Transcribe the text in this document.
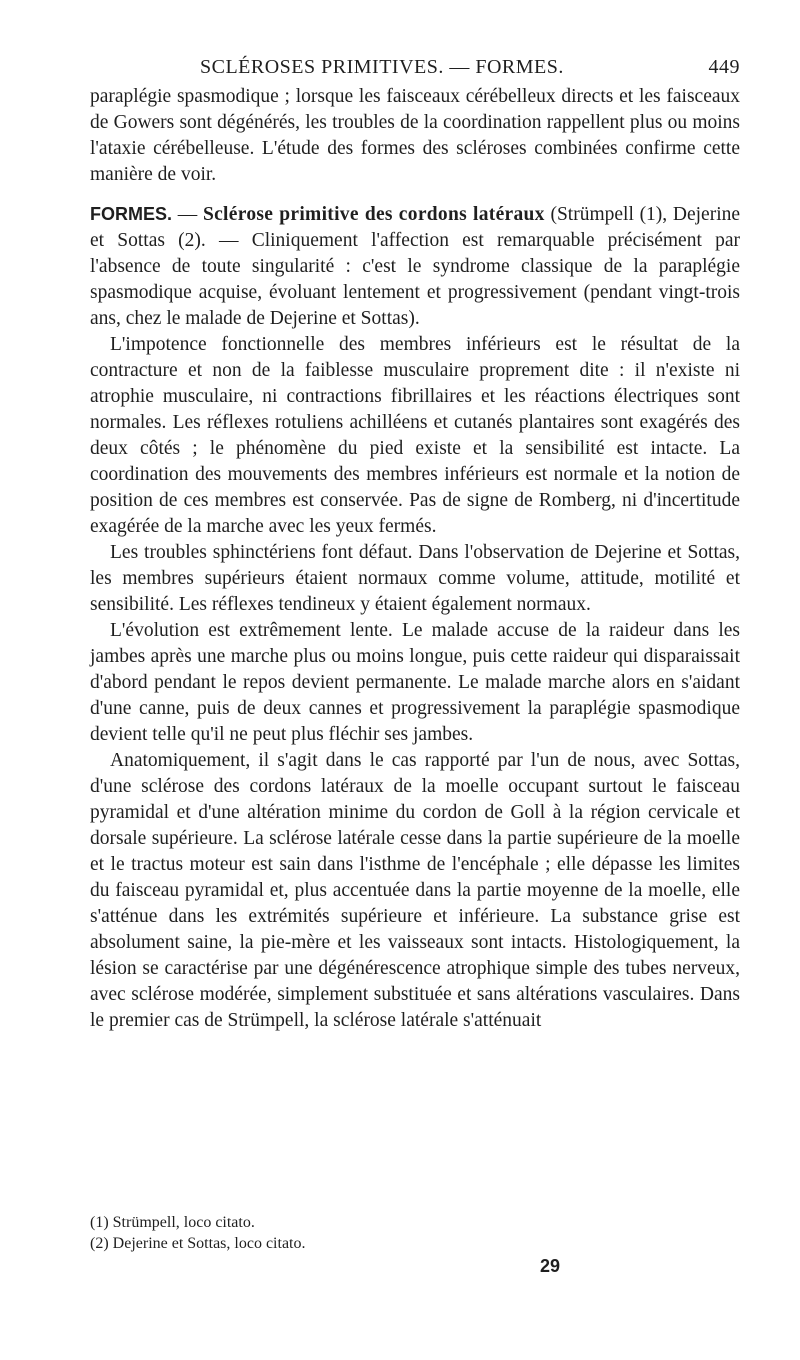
SCLÉROSES PRIMITIVES. — FORMES.	449

paraplégie spasmodique ; lorsque les faisceaux cérébelleux directs et les faisceaux de Gowers sont dégénérés, les troubles de la coordination rappellent plus ou moins l'ataxie cérébelleuse. L'étude des formes des scléroses combinées confirme cette manière de voir.

FORMES. — Sclérose primitive des cordons latéraux (Strümpell (1), Dejerine et Sottas (2). — Cliniquement l'affection est remarquable précisément par l'absence de toute singularité : c'est le syndrome classique de la paraplégie spasmodique acquise, évoluant lentement et progressivement (pendant vingt-trois ans, chez le malade de Dejerine et Sottas).

L'impotence fonctionnelle des membres inférieurs est le résultat de la contracture et non de la faiblesse musculaire proprement dite : il n'existe ni atrophie musculaire, ni contractions fibrillaires et les réactions électriques sont normales. Les réflexes rotuliens achilléens et cutanés plantaires sont exagérés des deux côtés ; le phénomène du pied existe et la sensibilité est intacte. La coordination des mouvements des membres inférieurs est normale et la notion de position de ces membres est conservée. Pas de signe de Romberg, ni d'incertitude exagérée de la marche avec les yeux fermés.

Les troubles sphinctériens font défaut. Dans l'observation de Dejerine et Sottas, les membres supérieurs étaient normaux comme volume, attitude, motilité et sensibilité. Les réflexes tendineux y étaient également normaux.

L'évolution est extrêmement lente. Le malade accuse de la raideur dans les jambes après une marche plus ou moins longue, puis cette raideur qui disparaissait d'abord pendant le repos devient permanente. Le malade marche alors en s'aidant d'une canne, puis de deux cannes et progressivement la paraplégie spasmodique devient telle qu'il ne peut plus fléchir ses jambes.

Anatomiquement, il s'agit dans le cas rapporté par l'un de nous, avec Sottas, d'une sclérose des cordons latéraux de la moelle occupant surtout le faisceau pyramidal et d'une altération minime du cordon de Goll à la région cervicale et dorsale supérieure. La sclérose latérale cesse dans la partie supérieure de la moelle et le tractus moteur est sain dans l'isthme de l'encéphale ; elle dépasse les limites du faisceau pyramidal et, plus accentuée dans la partie moyenne de la moelle, elle s'atténue dans les extrémités supérieure et inférieure. La substance grise est absolument saine, la pie-mère et les vaisseaux sont intacts. Histologiquement, la lésion se caractérise par une dégénérescence atrophique simple des tubes nerveux, avec sclérose modérée, simplement substituée et sans altérations vasculaires. Dans le premier cas de Strümpell, la sclérose latérale s'atténuait

(1) Strümpell, loco citato.

(2) Dejerine et Sottas, loco citato.

29
